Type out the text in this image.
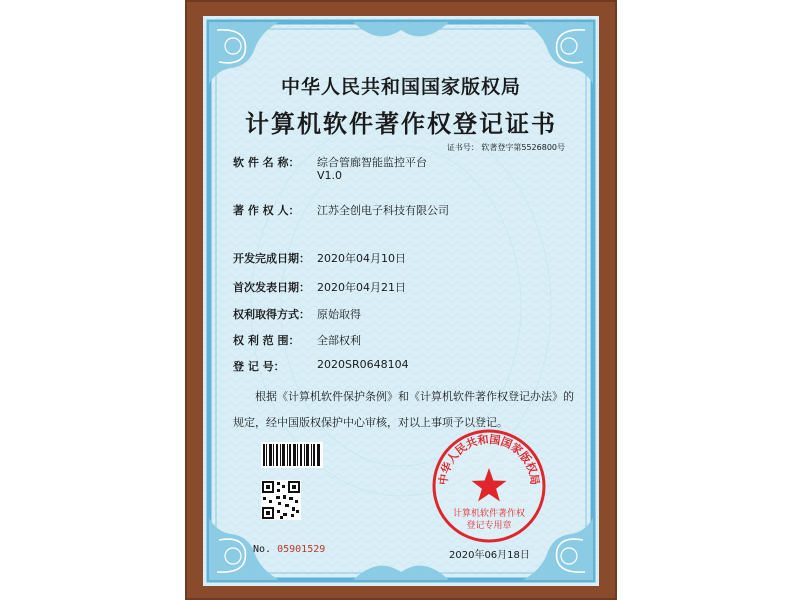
中华人民共和国国家版权局
计算机软件著作权登记证书
证书号： 软著登字第5526800号
软 件 名 称：	综合管廊智能监控平台
V1.0
著 作 权 人：	江苏全创电子科技有限公司
开发完成日期： 2020年04月10日
首次发表日期： 2020年04月21日
权利取得方式： 原始取得
权 利 范 围：	全部权利
登 记 号：	2020SR0648104

根据《计算机软件保护条例》和《计算机软件著作权登记办法》的

规定，经中国版权保护中心审核，对以上事项予以登记。

No. 05901529
中华人民共和国国家版权局
计算机软件著作权
登记专用章
2020年06月18日
